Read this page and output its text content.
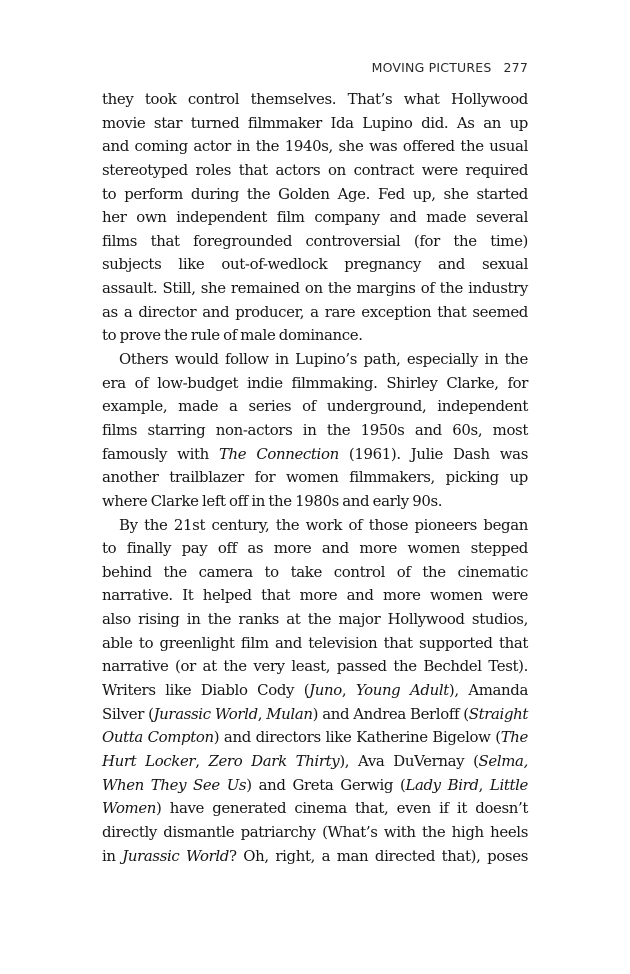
MOVING PICTURES 277
they took control themselves. That’s what Hollywood
movie star turned filmmaker Ida Lupino did. As an up
and coming actor in the 1940s, she was offered the usual
stereotyped roles that actors on contract were required
to perform during the Golden Age. Fed up, she started
her own independent film company and made several
films that foregrounded controversial (for the time)
subjects like out-of-wedlock pregnancy and sexual
assault. Still, she remained on the margins of the industry
as a director and producer, a rare exception that seemed
to prove the rule of male dominance.
Others would follow in Lupino’s path, especially in the
era of low-budget indie filmmaking. Shirley Clarke, for
example, made a series of underground, independent
films starring non-actors in the 1950s and 60s, most
famously with The Connection (1961). Julie Dash was
another trailblazer for women filmmakers, picking up
where Clarke left off in the 1980s and early 90s.
By the 21st century, the work of those pioneers began
to finally pay off as more and more women stepped
behind the camera to take control of the cinematic
narrative. It helped that more and more women were
also rising in the ranks at the major Hollywood studios,
able to greenlight film and television that supported that
narrative (or at the very least, passed the Bechdel Test).
Writers like Diablo Cody (Juno, Young Adult), Amanda
Silver (Jurassic World, Mulan) and Andrea Berloff (Straight
Outta Compton) and directors like Katherine Bigelow (The
Hurt Locker, Zero Dark Thirty), Ava DuVernay (Selma,
When They See Us) and Greta Gerwig (Lady Bird, Little
Women) have generated cinema that, even if it doesn’t
directly dismantle patriarchy (What’s with the high heels
in Jurassic World? Oh, right, a man directed that), poses
